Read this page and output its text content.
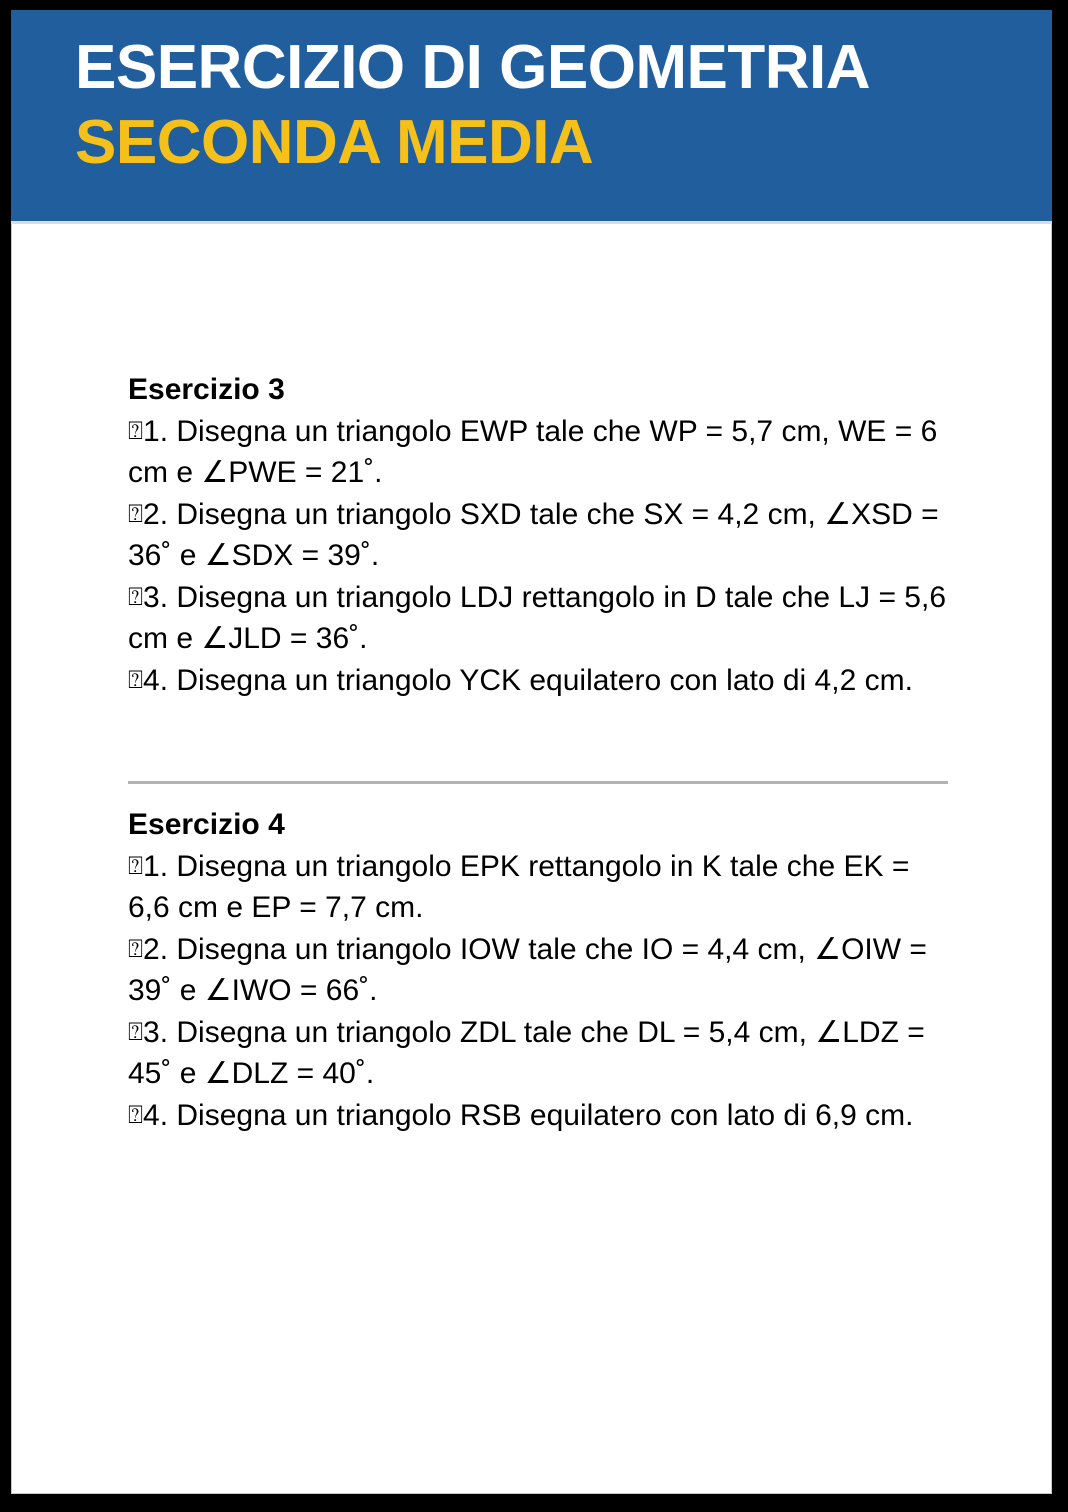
ESERCIZIO DI GEOMETRIA
SECONDA MEDIA
Esercizio 3
⍰1. Disegna un triangolo EWP tale che WP = 5,7 cm, WE = 6 cm e ∠PWE = 21˚.
⍰2. Disegna un triangolo SXD tale che SX = 4,2 cm, ∠XSD = 36˚ e ∠SDX = 39˚.
⍰3. Disegna un triangolo LDJ rettangolo in D tale che LJ = 5,6 cm e ∠JLD = 36˚.
⍰4. Disegna un triangolo YCK equilatero con lato di 4,2 cm.
Esercizio 4
⍰1. Disegna un triangolo EPK rettangolo in K tale che EK = 6,6 cm e EP = 7,7 cm.
⍰2. Disegna un triangolo IOW tale che IO = 4,4 cm, ∠OIW = 39˚ e ∠IWO = 66˚.
⍰3. Disegna un triangolo ZDL tale che DL = 5,4 cm, ∠LDZ = 45˚ e ∠DLZ = 40˚.
⍰4. Disegna un triangolo RSB equilatero con lato di 6,9 cm.
